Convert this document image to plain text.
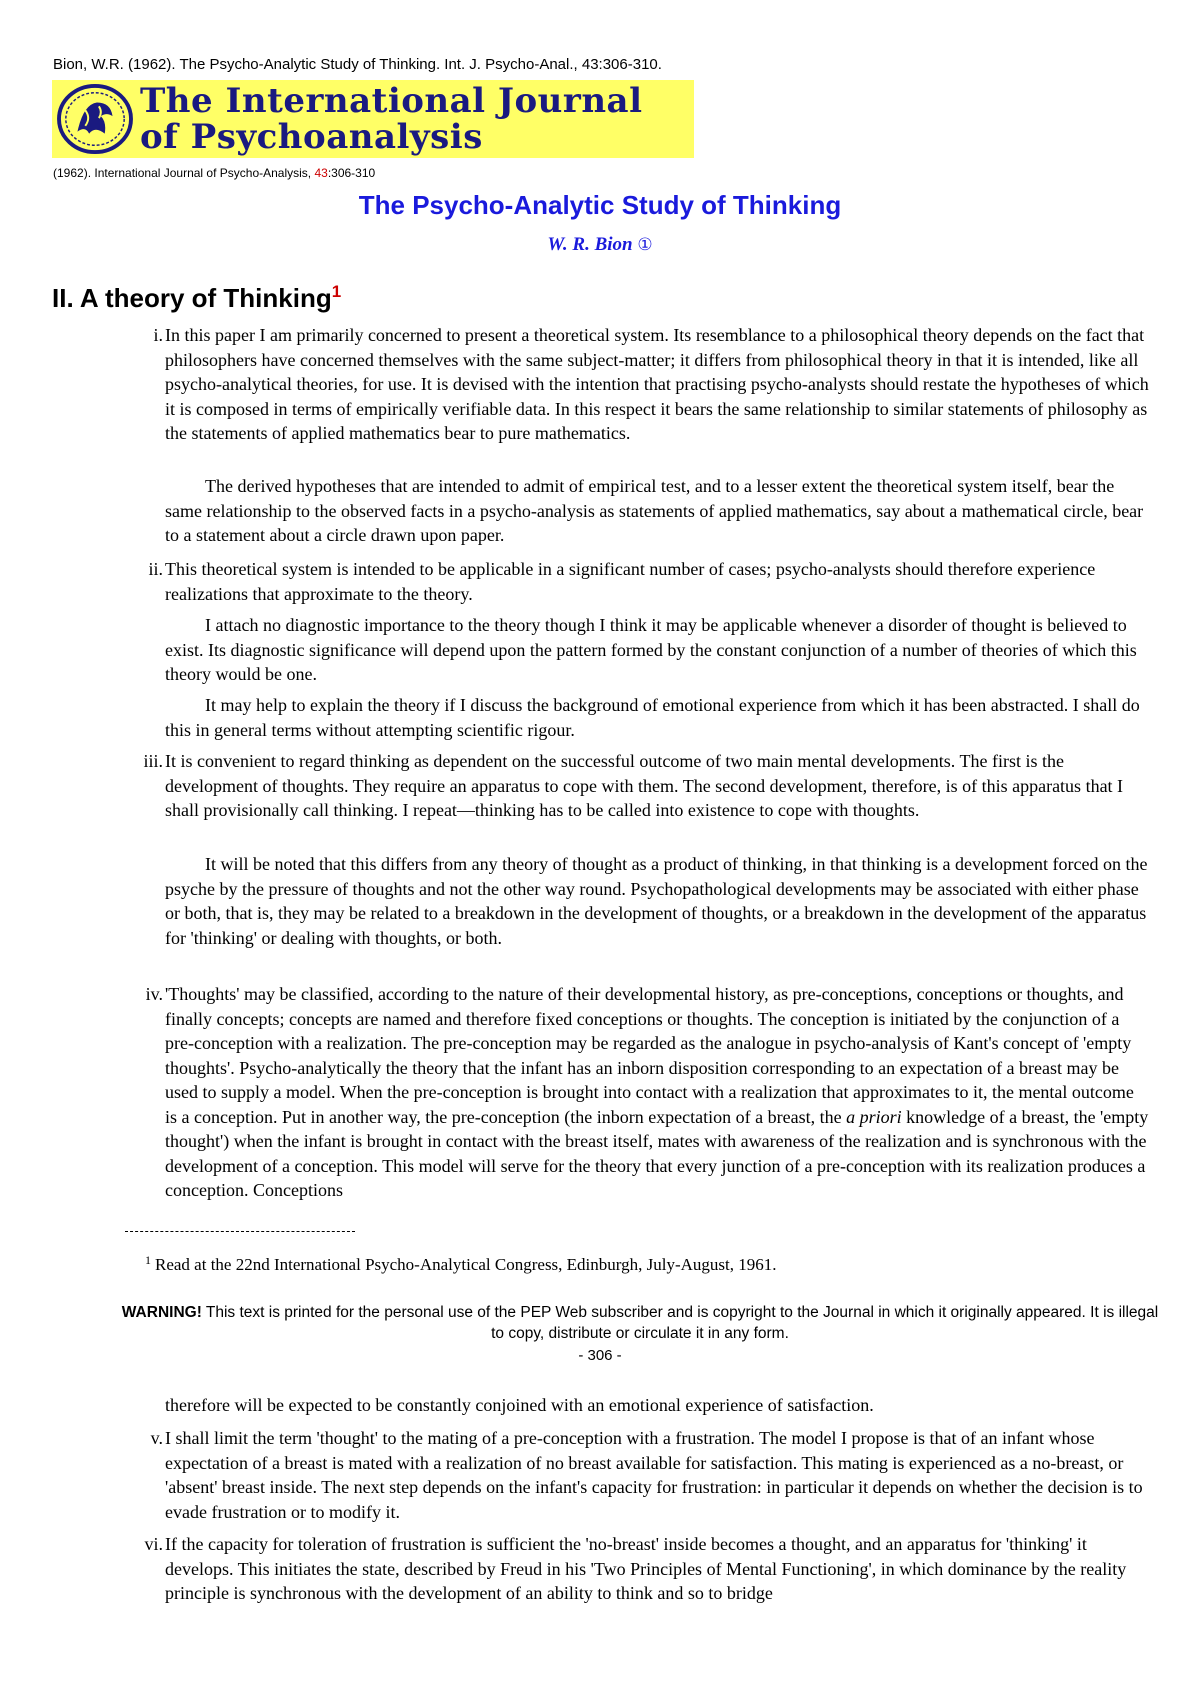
Bion, W.R. (1962). The Psycho-Analytic Study of Thinking. Int. J. Psycho-Anal., 43:306-310.
The International Journal
of Psychoanalysis
(1962). International Journal of Psycho-Analysis, 43:306-310
The Psycho-Analytic Study of Thinking
W. R. Bion ①
II. A theory of Thinking$^1$
i. In this paper I am primarily concerned to present a theoretical system. Its resemblance to a philosophical theory depends on the fact that philosophers have concerned themselves with the same subject-matter; it differs from philosophical theory in that it is intended, like all psycho-analytical theories, for use. It is devised with the intention that practising psycho-analysts should restate the hypotheses of which it is composed in terms of empirically verifiable data. In this respect it bears the same relationship to similar statements of philosophy as the statements of applied mathematics bear to pure mathematics.
The derived hypotheses that are intended to admit of empirical test, and to a lesser extent the theoretical system itself, bear the same relationship to the observed facts in a psycho-analysis as statements of applied mathematics, say about a mathematical circle, bear to a statement about a circle drawn upon paper.
ii. This theoretical system is intended to be applicable in a significant number of cases; psycho-analysts should therefore experience realizations that approximate to the theory.
I attach no diagnostic importance to the theory though I think it may be applicable whenever a disorder of thought is believed to exist. Its diagnostic significance will depend upon the pattern formed by the constant conjunction of a number of theories of which this theory would be one.
It may help to explain the theory if I discuss the background of emotional experience from which it has been abstracted. I shall do this in general terms without attempting scientific rigour.
iii. It is convenient to regard thinking as dependent on the successful outcome of two main mental developments. The first is the development of thoughts. They require an apparatus to cope with them. The second development, therefore, is of this apparatus that I shall provisionally call thinking. I repeat—thinking has to be called into existence to cope with thoughts.
It will be noted that this differs from any theory of thought as a product of thinking, in that thinking is a development forced on the psyche by the pressure of thoughts and not the other way round. Psychopathological developments may be associated with either phase or both, that is, they may be related to a breakdown in the development of thoughts, or a breakdown in the development of the apparatus for 'thinking' or dealing with thoughts, or both.
iv. 'Thoughts' may be classified, according to the nature of their developmental history, as pre-conceptions, conceptions or thoughts, and finally concepts; concepts are named and therefore fixed conceptions or thoughts. The conception is initiated by the conjunction of a pre-conception with a realization. The pre-conception may be regarded as the analogue in psycho-analysis of Kant's concept of 'empty thoughts'. Psycho-analytically the theory that the infant has an inborn disposition corresponding to an expectation of a breast may be used to supply a model. When the pre-conception is brought into contact with a realization that approximates to it, the mental outcome is a conception. Put in another way, the pre-conception (the inborn expectation of a breast, the a priori knowledge of a breast, the 'empty thought') when the infant is brought in contact with the breast itself, mates with awareness of the realization and is synchronous with the development of a conception. This model will serve for the theory that every junction of a pre-conception with its realization produces a conception. Conceptions
$^1$ Read at the 22nd International Psycho-Analytical Congress, Edinburgh, July-August, 1961.
WARNING! This text is printed for the personal use of the PEP Web subscriber and is copyright to the Journal in which it originally appeared. It is illegal to copy, distribute or circulate it in any form.
- 306 -
therefore will be expected to be constantly conjoined with an emotional experience of satisfaction.
v. I shall limit the term 'thought' to the mating of a pre-conception with a frustration. The model I propose is that of an infant whose expectation of a breast is mated with a realization of no breast available for satisfaction. This mating is experienced as a no-breast, or 'absent' breast inside. The next step depends on the infant's capacity for frustration: in particular it depends on whether the decision is to evade frustration or to modify it.
vi. If the capacity for toleration of frustration is sufficient the 'no-breast' inside becomes a thought, and an apparatus for 'thinking' it develops. This initiates the state, described by Freud in his 'Two Principles of Mental Functioning', in which dominance by the reality principle is synchronous with the development of an ability to think and so to bridge
